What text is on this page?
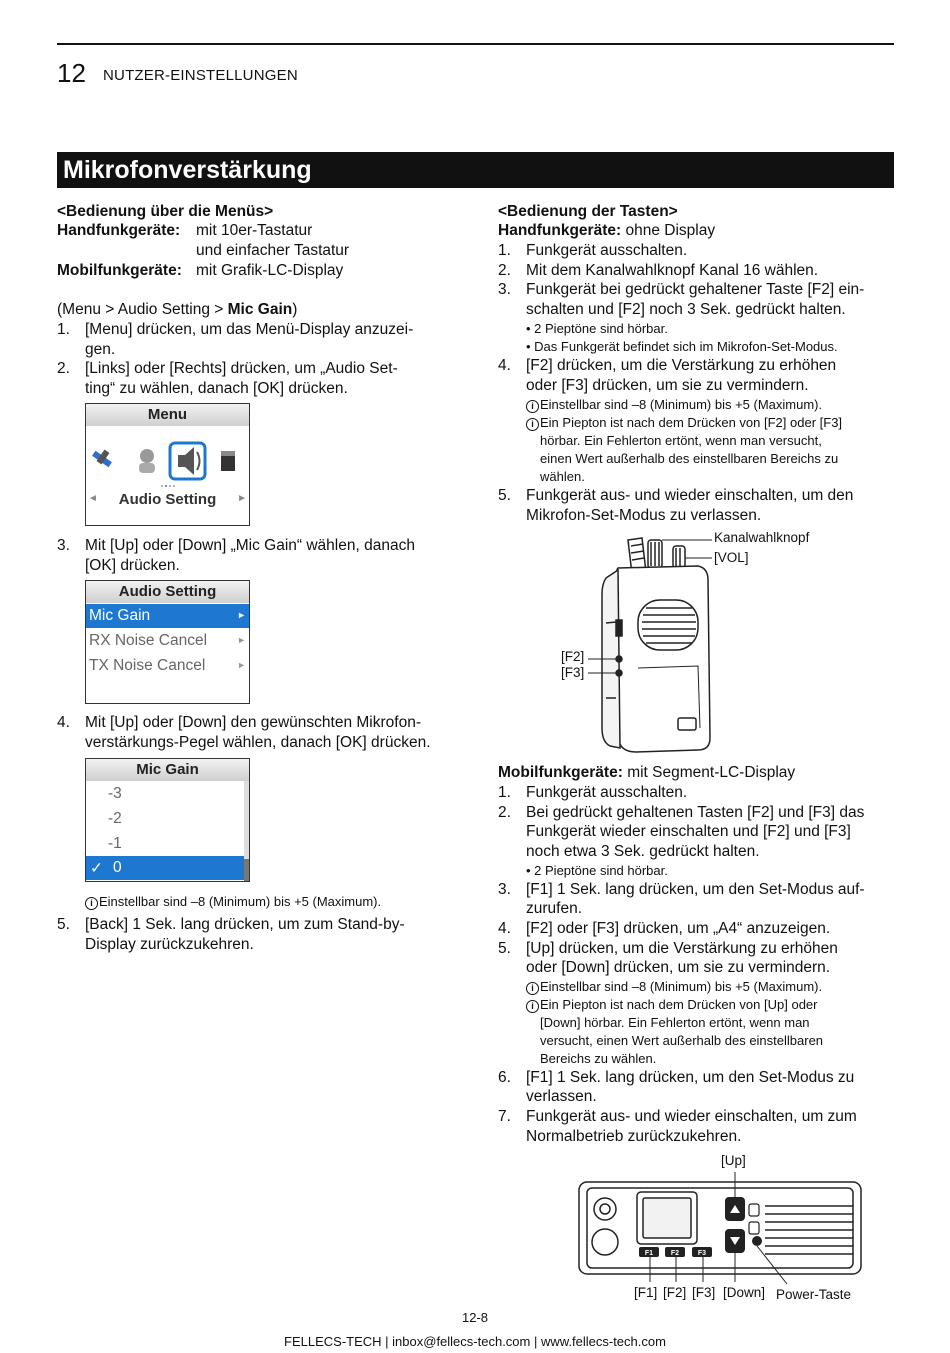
12 NUTZER-EINSTELLUNGEN
Mikrofonverstärkung
<Bedienung über die Menüs>
Handfunkgeräte: mit 10er-Tastatur
und einfacher Tastatur
Mobilfunkgeräte: mit Grafik-LC-Display
(Menu > Audio Setting > Mic Gain)
1. [Menu] drücken, um das Menü-Display anzuzei-
gen.
2. [Links] oder [Rechts] drücken, um „Audio Set-
ting“ zu wählen, danach [OK] drücken.
Menu
◄	Audio Setting	►
3. Mit [Up] oder [Down] „Mic Gain“ wählen, danach
[OK] drücken.
Audio Setting
Mic Gain	►
RX Noise Cancel	►
TX Noise Cancel	►
4. Mit [Up] oder [Down] den gewünschten Mikrofon-
verstärkungs-Pegel wählen, danach [OK] drücken.
Mic Gain
-3
-2
-1
✓ 0
i Einstellbar sind –8 (Minimum) bis +5 (Maximum).
5. [Back] 1 Sek. lang drücken, um zum Stand-by-
Display zurückzukehren.
<Bedienung der Tasten>
Handfunkgeräte: ohne Display
1. Funkgerät ausschalten.
2. Mit dem Kanalwahlknopf Kanal 16 wählen.
3. Funkgerät bei gedrückt gehaltener Taste [F2] ein-
schalten und [F2] noch 3 Sek. gedrückt halten.
• 2 Pieptöne sind hörbar.
• Das Funkgerät befindet sich im Mikrofon-Set-Modus.
4. [F2] drücken, um die Verstärkung zu erhöhen
oder [F3] drücken, um sie zu vermindern.
i Einstellbar sind –8 (Minimum) bis +5 (Maximum).
i Ein Piepton ist nach dem Drücken von [F2] oder [F3]
hörbar. Ein Fehlerton ertönt, wenn man versucht,
einen Wert außerhalb des einstellbaren Bereichs zu
wählen.
5. Funkgerät aus- und wieder einschalten, um den
Mikrofon-Set-Modus zu verlassen.
Kanalwahlknopf
[VOL]
[F2]
[F3]
Mobilfunkgeräte: mit Segment-LC-Display
1. Funkgerät ausschalten.
2. Bei gedrückt gehaltenen Tasten [F2] und [F3] das
Funkgerät wieder einschalten und [F2] und [F3]
noch etwa 3 Sek. gedrückt halten.
• 2 Pieptöne sind hörbar.
3. [F1] 1 Sek. lang drücken, um den Set-Modus auf-
zurufen.
4. [F2] oder [F3] drücken, um „A4“ anzuzeigen.
5. [Up] drücken, um die Verstärkung zu erhöhen
oder [Down] drücken, um sie zu vermindern.
i Einstellbar sind –8 (Minimum) bis +5 (Maximum).
i Ein Piepton ist nach dem Drücken von [Up] oder
[Down] hörbar. Ein Fehlerton ertönt, wenn man
versucht, einen Wert außerhalb des einstellbaren
Bereichs zu wählen.
6. [F1] 1 Sek. lang drücken, um den Set-Modus zu
verlassen.
7. Funkgerät aus- und wieder einschalten, um zum
Normalbetrieb zurückzukehren.
[Up]
F1	F2	F3
[F1] [F2] [F3] [Down] Power-Taste
12-8
FELLECS-TECH | inbox@fellecs-tech.com | www.fellecs-tech.com
